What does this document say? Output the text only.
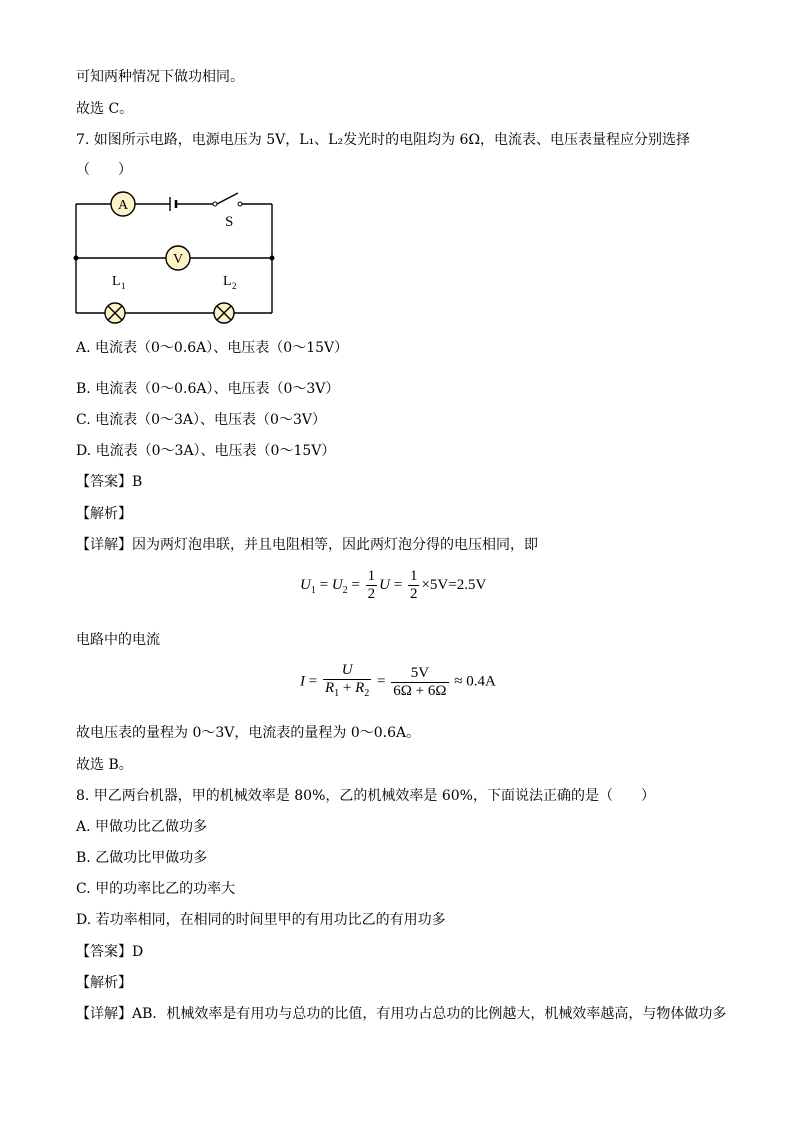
可知两种情况下做功相同。
故选 C。
7. 如图所示电路，电源电压为 5V，L₁、L₂发光时的电阻均为 6Ω，电流表、电压表量程应分别选择
（　　）
A
V
S
L 1	L 2
A. 电流表（0～0.6A）、电压表（0～15V）
B. 电流表（0～0.6A）、电压表（0～3V）
C. 电流表（0～3A）、电压表（0～3V）
D. 电流表（0～3A）、电压表（0～15V）
【答案】B
【解析】
【详解】因为两灯泡串联，并且电阻相等，因此两灯泡分得的电压相同，即
$U_1 = U_2 = \frac{1}{2}$ $U = \frac{1}{2} \times 5V=2.5V$
电路中的电流
$I = \frac{U}{R_1 + R_2} = \frac{5V}{6\Omega + 6\Omega} \approx 0.4A$
故电压表的量程为 0～3V，电流表的量程为 0～0.6A。
故选 B。
8. 甲乙两台机器，甲的机械效率是 80%，乙的机械效率是 60%，下面说法正确的是（　　）
A. 甲做功比乙做功多
B. 乙做功比甲做功多
C. 甲的功率比乙的功率大
D. 若功率相同，在相同的时间里甲的有用功比乙的有用功多
【答案】D
【解析】
【详解】AB．机械效率是有用功与总功的比值，有用功占总功的比例越大，机械效率越高，与物体做功多
